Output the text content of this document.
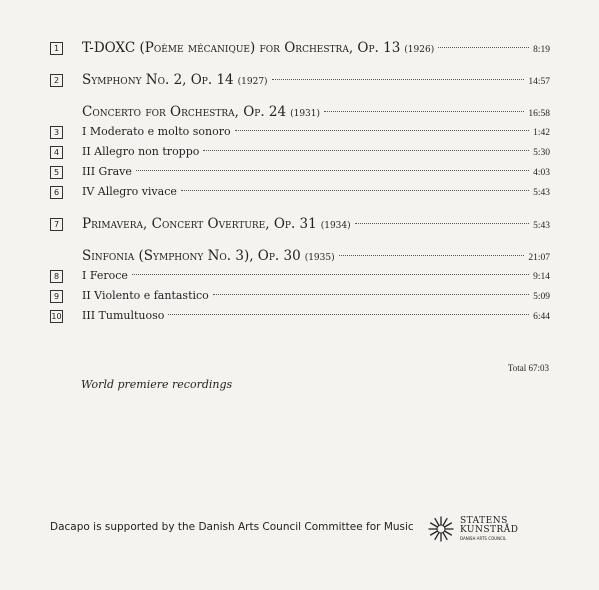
1 T-DOXC (Poème mécanique) for Orchestra, Op. 13 (1926)	8:19
2 Symphony No. 2, Op. 14 (1927)	14:57
Concerto for Orchestra, Op. 24 (1931)	16:58
3	I Moderato e molto sonoro	1:42
4	II Allegro non troppo	5:30
5	III Grave	4:03
6	IV Allegro vivace	5:43
7 Primavera, Concert Overture, Op. 31 (1934)	5:43
Sinfonia (Symphony No. 3), Op. 30 (1935)	21:07
8	I Feroce	9:14
9	II Violento e fantastico	5:09
10 III Tumultuoso	6:44
Total 67:03
World premiere recordings
Dacapo is supported by the Danish Arts Council Committee for Music	STATENS
KUNSTRÅD
DANISH ARTS COUNCIL
